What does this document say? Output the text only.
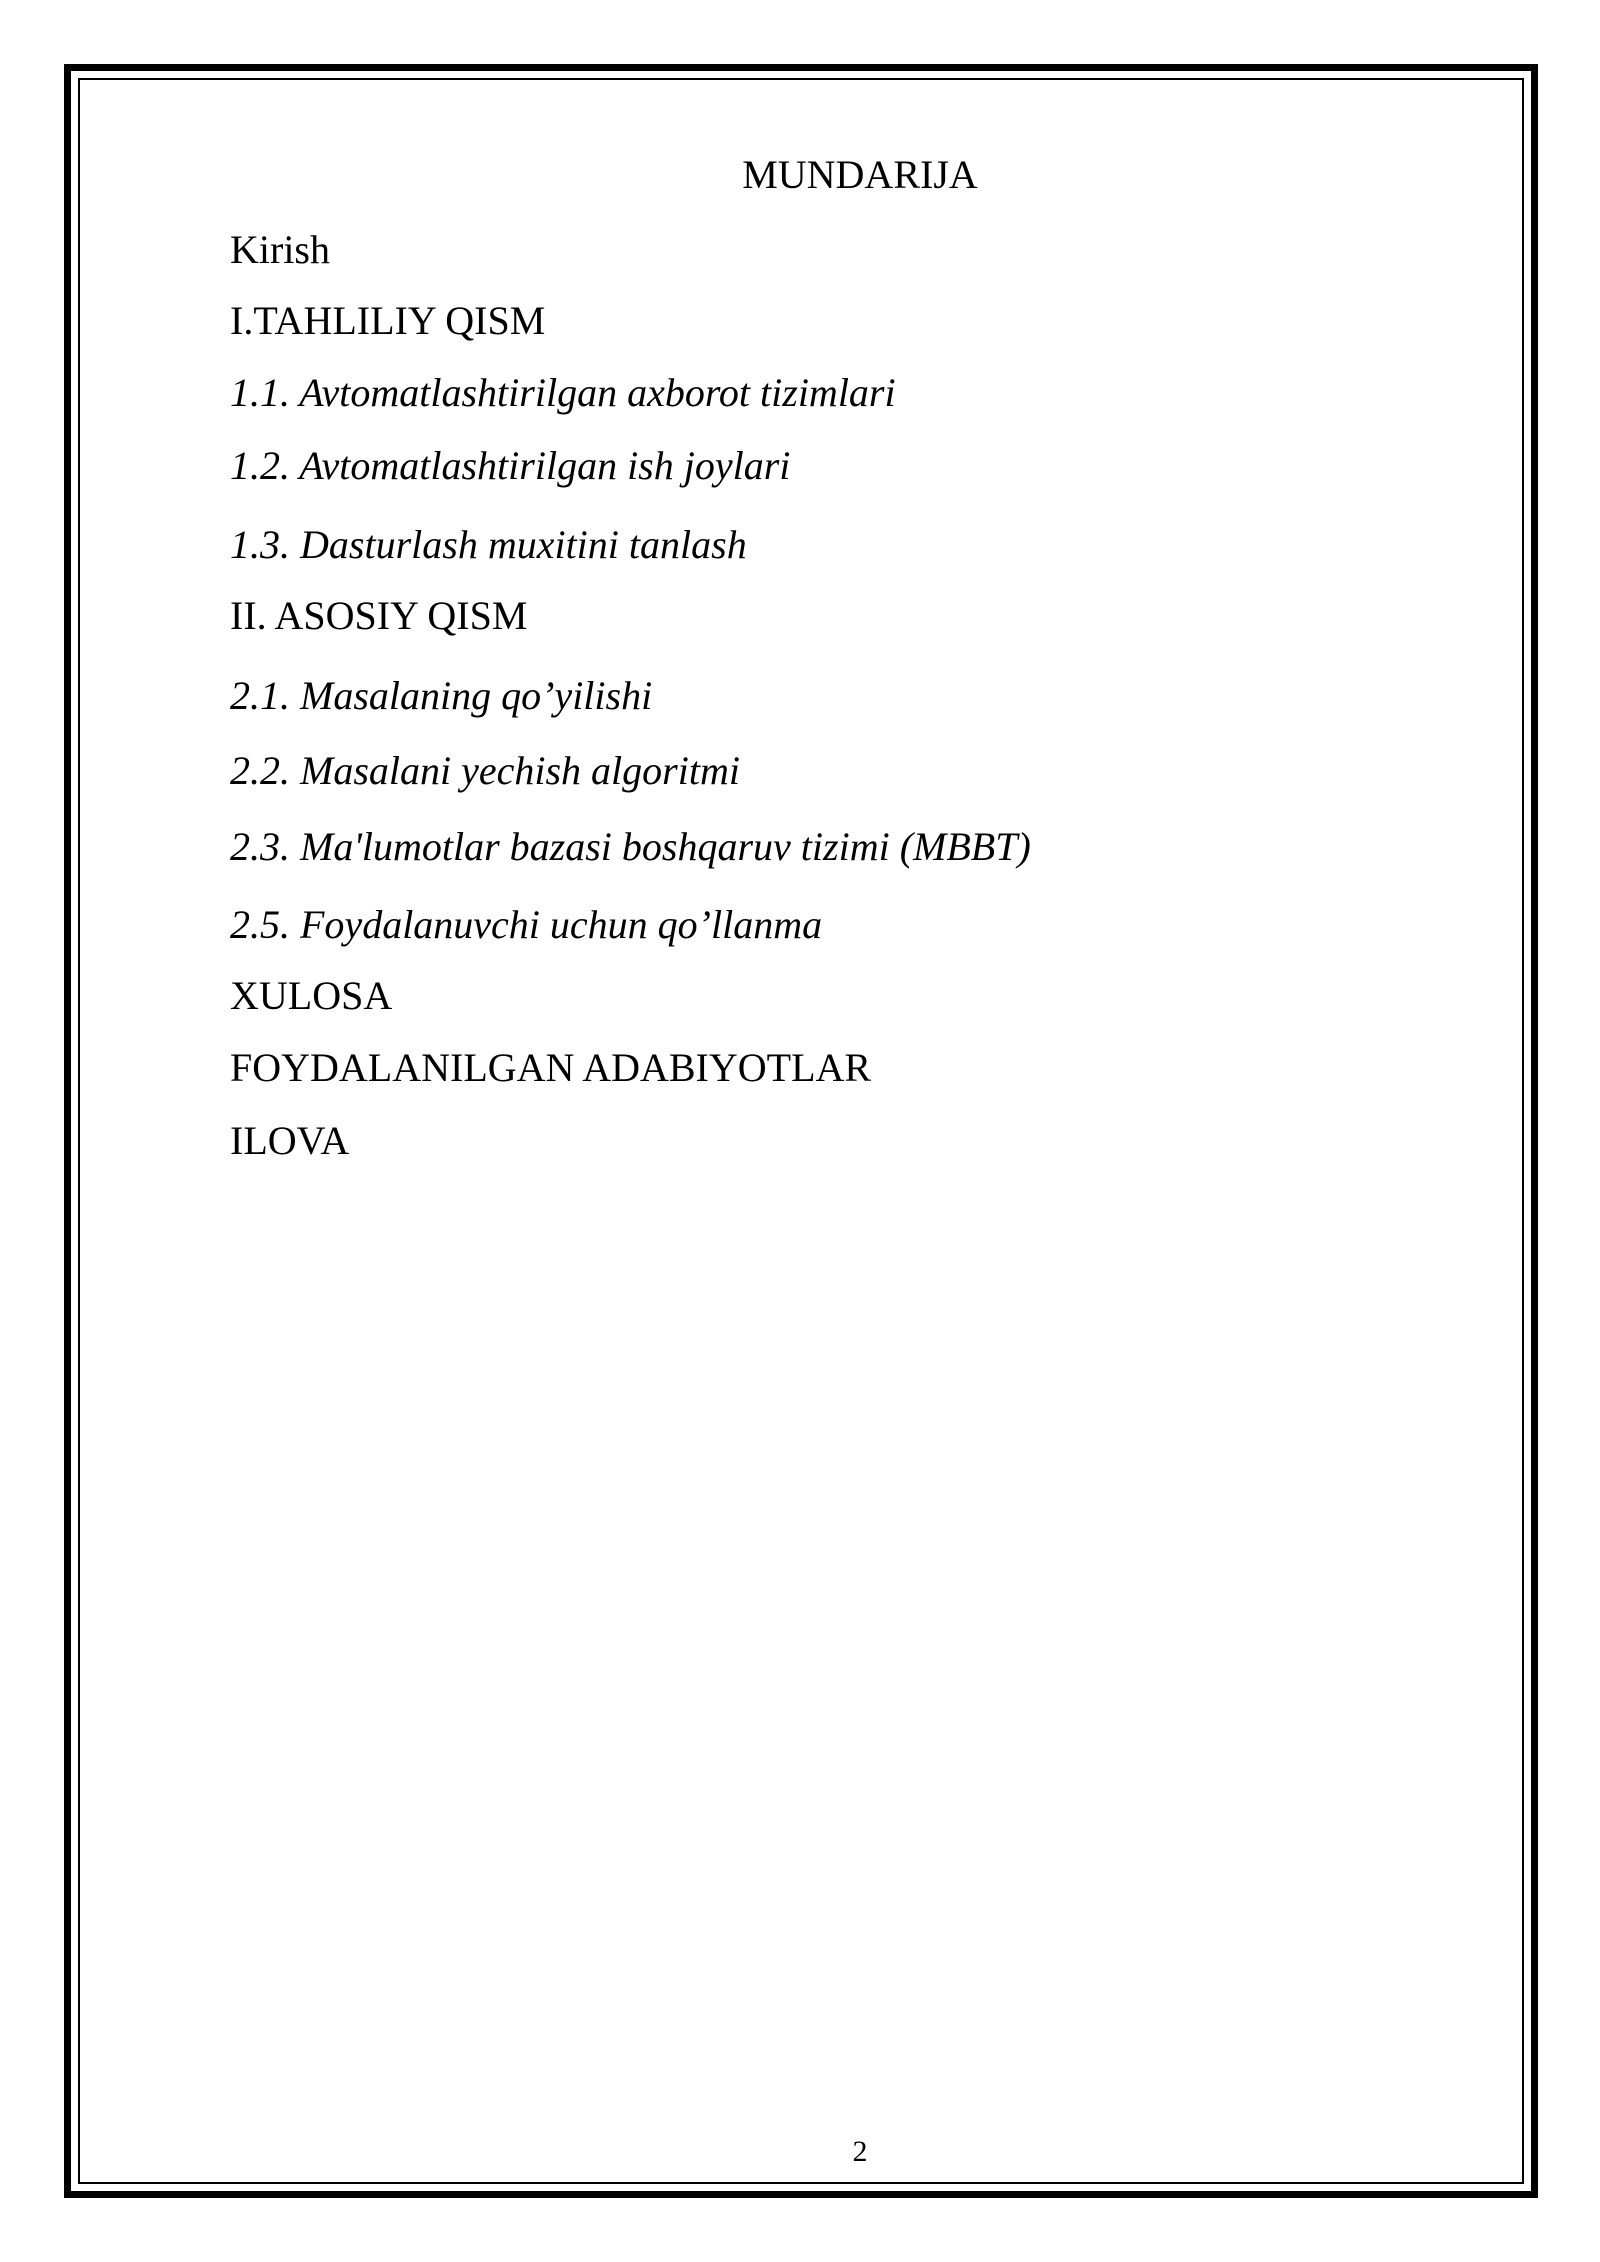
MUNDARIJA
Kirish
I.TAHLILIY QISM
1.1. Avtomatlashtirilgan axborot tizimlari
1.2. Avtomatlashtirilgan ish joylari
1.3. Dasturlash muxitini tanlash
II. ASOSIY QISM
2.1. Masalaning qo’yilishi
2.2. Masalani yechish algoritmi
2.3. Ma'lumotlar bazasi boshqaruv tizimi (MBBT)
2.5. Foydalanuvchi uchun qo’llanma
XULOSA
FOYDALANILGAN ADABIYOTLAR
ILOVA
2
